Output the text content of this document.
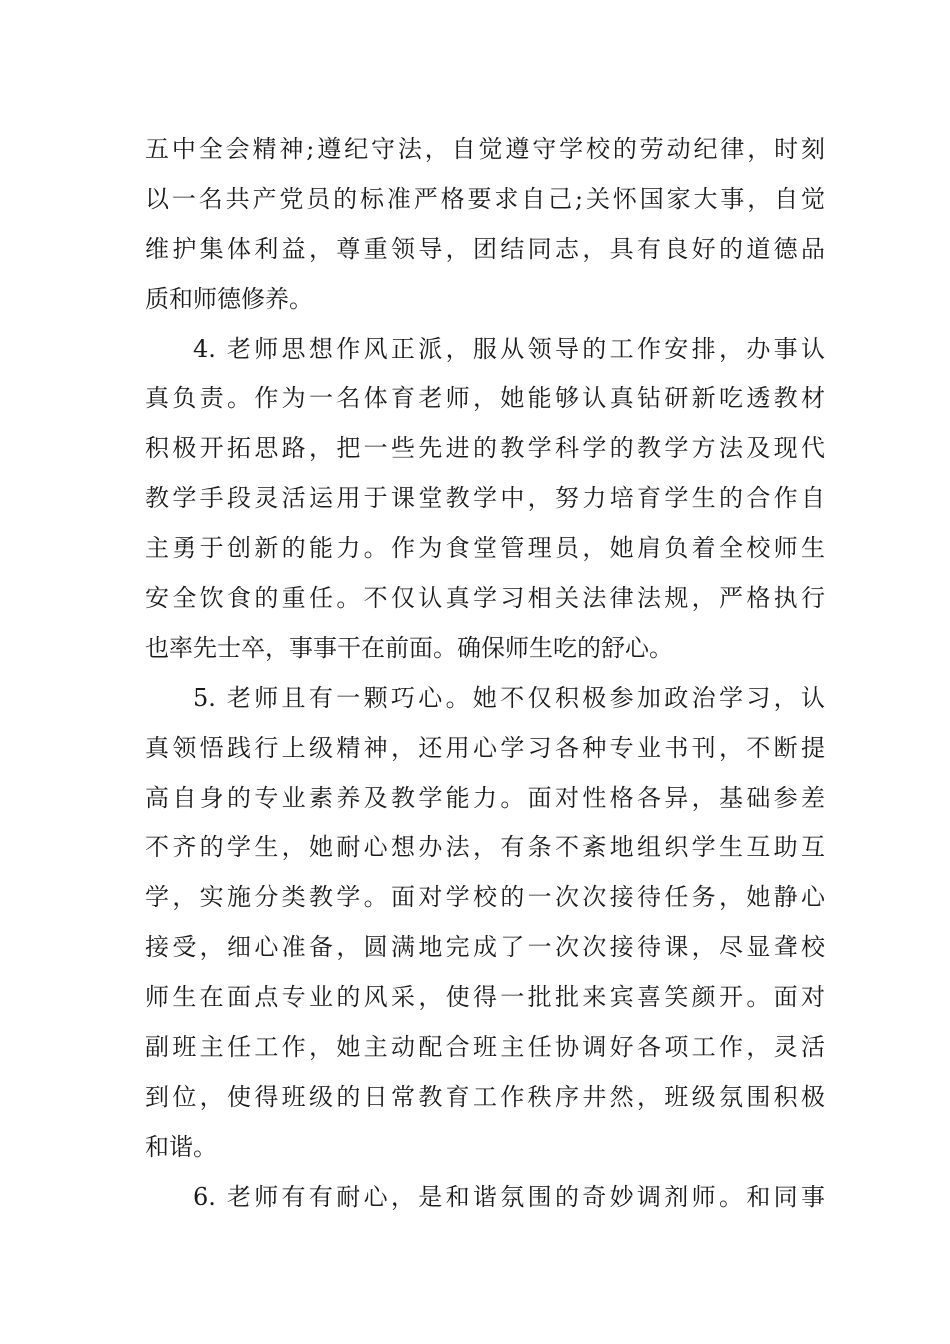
五中全会精神;遵纪守法，自觉遵守学校的劳动纪律，时刻
以一名共产党员的标准严格要求自己;关怀国家大事，自觉
维护集体利益，尊重领导，团结同志，具有良好的道德品
质和师德修养。
4. 老师思想作风正派，服从领导的工作安排，办事认
真负责。作为一名体育老师，她能够认真钻研新吃透教材
积极开拓思路，把一些先进的教学科学的教学方法及现代
教学手段灵活运用于课堂教学中，努力培育学生的合作自
主勇于创新的能力。作为食堂管理员，她肩负着全校师生
安全饮食的重任。不仅认真学习相关法律法规，严格执行
也率先士卒，事事干在前面。确保师生吃的舒心。
5. 老师且有一颗巧心。她不仅积极参加政治学习，认
真领悟践行上级精神，还用心学习各种专业书刊，不断提
高自身的专业素养及教学能力。面对性格各异，基础参差
不齐的学生，她耐心想办法，有条不紊地组织学生互助互
学，实施分类教学。面对学校的一次次接待任务，她静心
接受，细心准备，圆满地完成了一次次接待课，尽显聋校
师生在面点专业的风采，使得一批批来宾喜笑颜开。面对
副班主任工作，她主动配合班主任协调好各项工作，灵活
到位，使得班级的日常教育工作秩序井然，班级氛围积极
和谐。
6. 老师有有耐心，是和谐氛围的奇妙调剂师。和同事
